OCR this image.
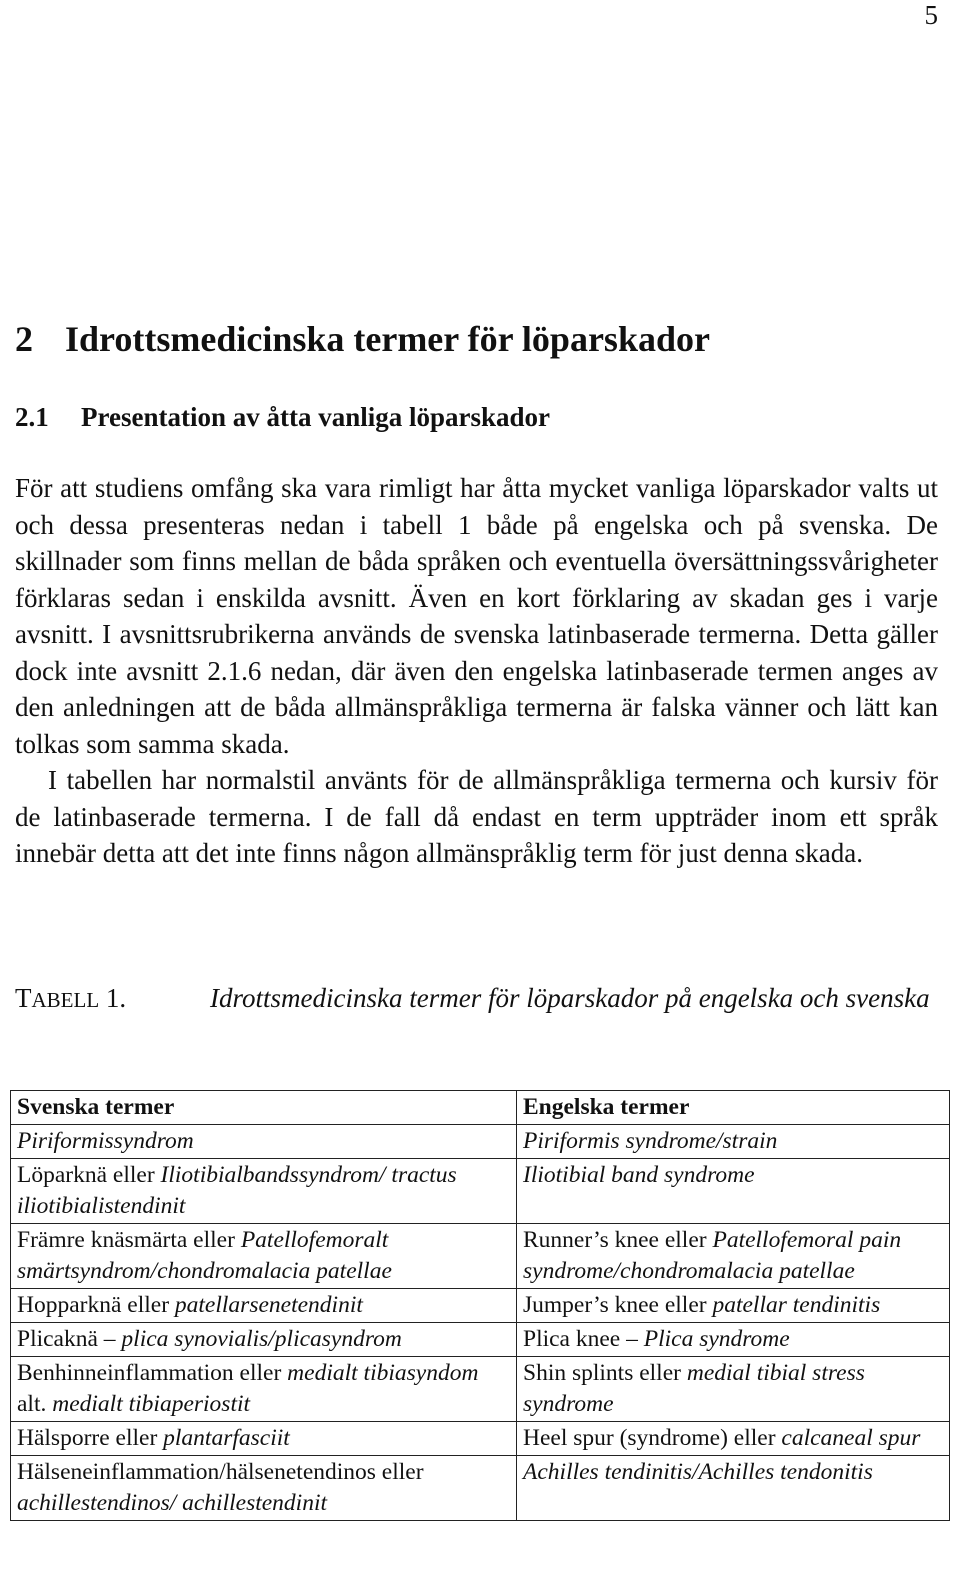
5
2 Idrottsmedicinska termer för löparskador
2.1 Presentation av åtta vanliga löparskador

För att studiens omfång ska vara rimligt har åtta mycket vanliga löparskador valts ut och dessa presenteras nedan i tabell 1 både på engelska och på svenska. De skillnader som finns mellan de båda språken och eventuella översättningssvårigheter förklaras sedan i enskilda avsnitt. Även en kort förklaring av skadan ges i varje avsnitt. I avsnittsrubrikerna används de svenska latinbaserade termerna. Detta gäller dock inte avsnitt 2.1.6 nedan, där även den engelska latinbaserade termen anges av den anledningen att de båda allmänspråkliga termerna är falska vänner och lätt kan tolkas som samma skada.

I tabellen har normalstil använts för de allmänspråkliga termerna och kursiv för de latinbaserade termerna. I de fall då endast en term uppträder inom ett språk innebär detta att det inte finns någon allmänspråklig term för just denna skada.

TABELL 1.	Idrottsmedicinska termer för löparskador på engelska och svenska
Svenska termer	Engelska termer
Piriformissyndrom	Piriformis syndrome/strain
Löparknä eller Iliotibialbandssyndrom/ tractus iliotibialistendinit	Iliotibial band syndrome
Främre knäsmärta eller Patellofemoralt smärtsyndrom/chondromalacia patellae	Runner’s knee eller Patellofemoral pain syndrome/chondromalacia patellae
Hopparknä eller patellarsenetendinit	Jumper’s knee eller patellar tendinitis
Plicaknä – plica synovialis/plicasyndrom	Plica knee – Plica syndrome
Benhinneinflammation eller medialt tibiasyndom alt. medialt tibiaperiostit	Shin splints eller medial tibial stress syndrome
Hälsporre eller plantarfasciit	Heel spur (syndrome) eller calcaneal spur
Hälseneinflammation/hälsenetendinos eller achillestendinos/ achillestendinit	Achilles tendinitis/Achilles tendonitis
